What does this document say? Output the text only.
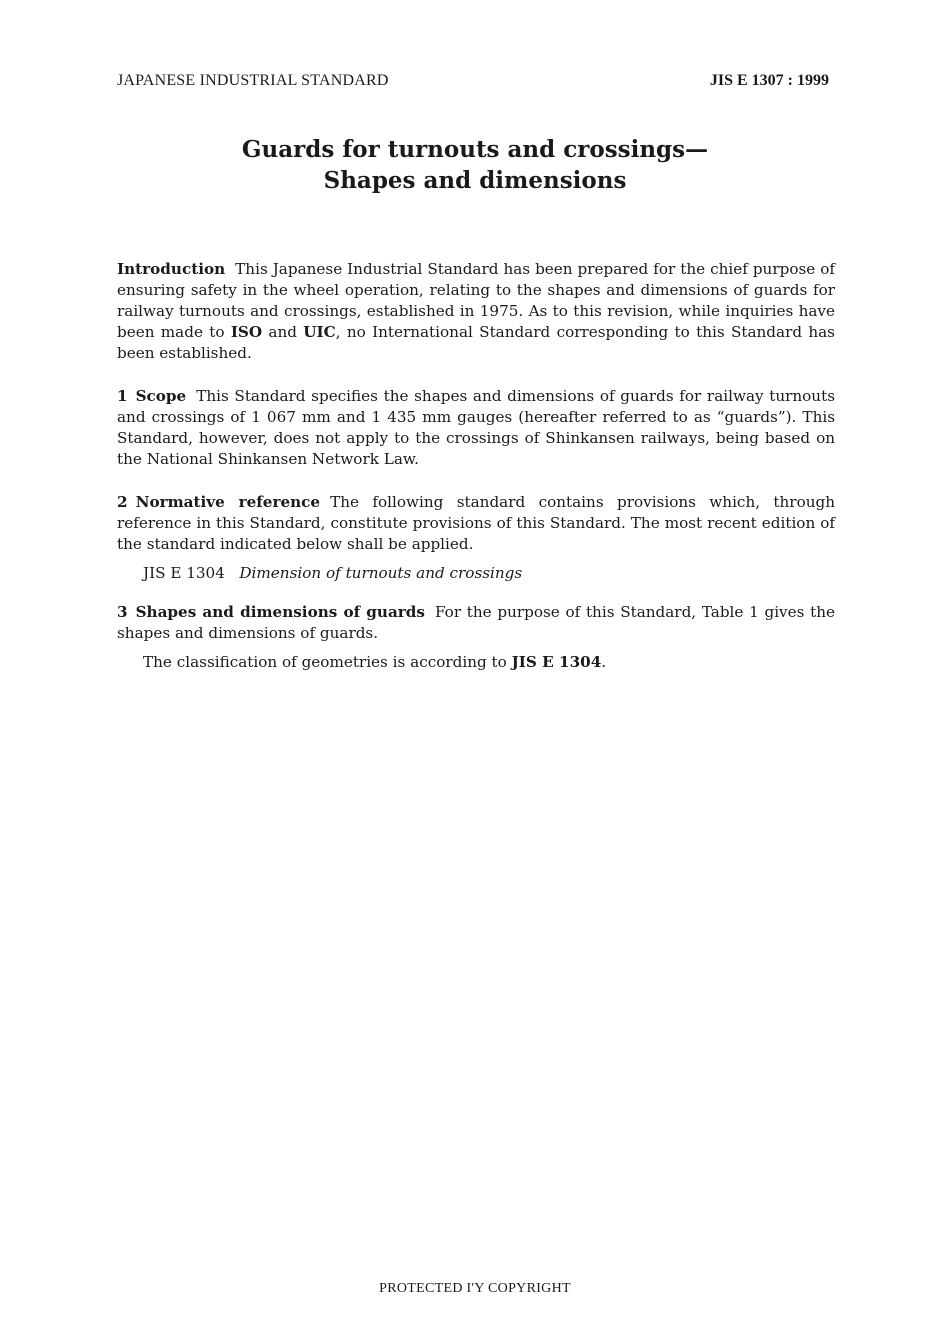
JAPANESE INDUSTRIAL STANDARD	JIS E 1307 : 1999
Guards for turnouts and crossings—
Shapes and dimensions

Introduction This Japanese Industrial Standard has been prepared for the chief purpose of ensuring safety in the wheel operation, relating to the shapes and dimensions of guards for railway turnouts and crossings, established in 1975. As to this revision, while inquiries have been made to ISO and UIC, no International Standard corresponding to this Standard has been established.

1 Scope This Standard specifies the shapes and dimensions of guards for railway turnouts and crossings of 1 067 mm and 1 435 mm gauges (hereafter referred to as “guards”). This Standard, however, does not apply to the crossings of Shinkansen railways, being based on the National Shinkansen Network Law.

2 Normative reference The following standard contains provisions which, through reference in this Standard, constitute provisions of this Standard. The most recent edition of the standard indicated below shall be applied.

JIS E 1304 Dimension of turnouts and crossings

3 Shapes and dimensions of guards For the purpose of this Standard, Table 1 gives the shapes and dimensions of guards.

The classification of geometries is according to JIS E 1304.

PROTECTED I'Y COPYRIGHT
